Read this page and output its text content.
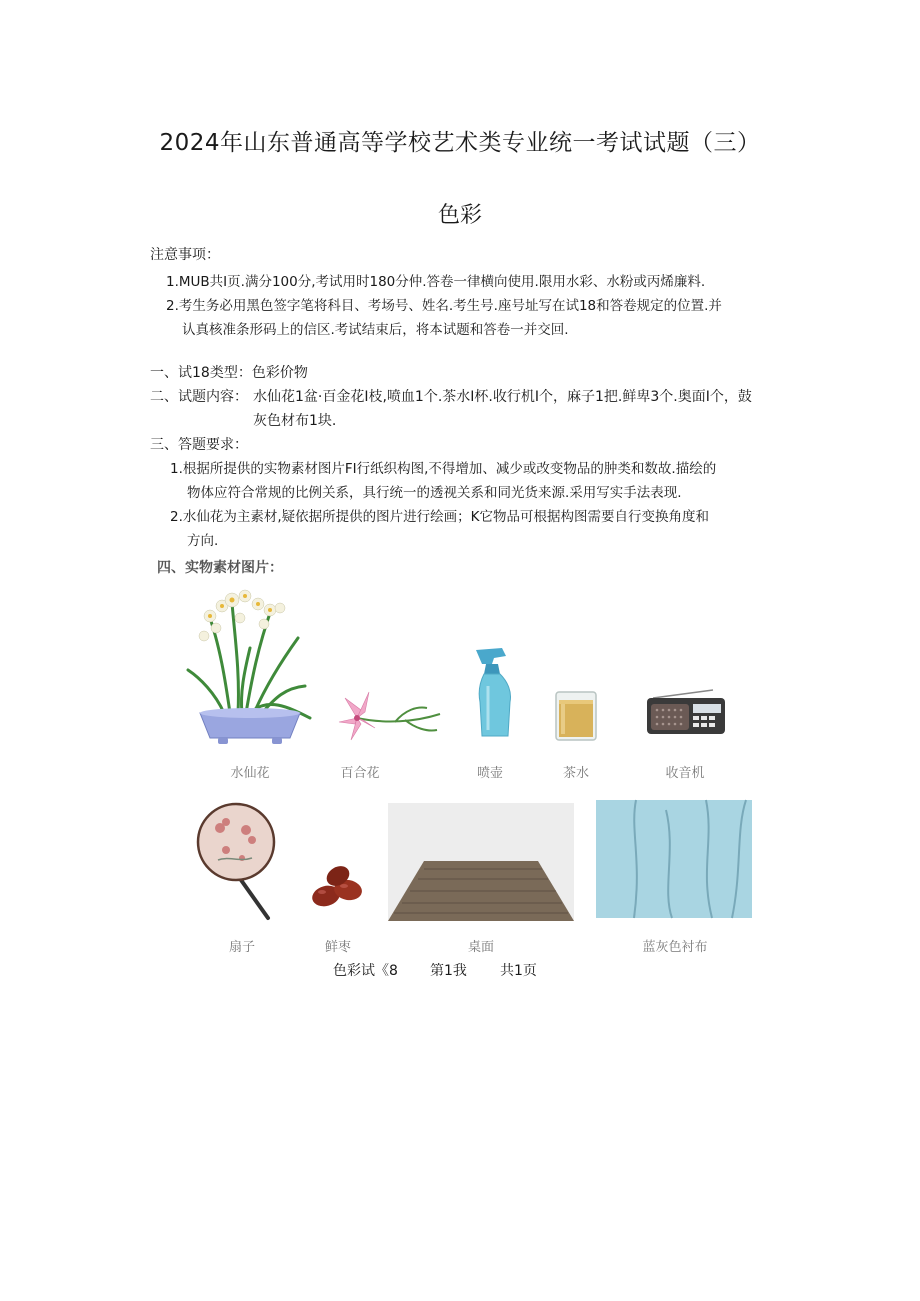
2024年山东普通高等学校艺术类专业统一考试试题（三）
色彩
注意事项：
1.MUB共I页.满分100分,考试用时180分仲.答卷一律横向使用.限用水彩、水粉或丙烯廉料.
2.考生务必用黑色签字笔将科目、考场号、姓名.考生号.座号址写在试18和答卷规定的位置.并
认真核准条形码上的信区.考试结束后，将本试题和答卷一并交回.
一、试18类型：色彩价物
二、试题内容： 水仙花1盆·百金花I枝,喷血1个.茶水I杯.收行机I个，麻子1把.鲜卑3个.奥面I个，鼓
灰色材布1块.
三、答题要求：
1.根据所提供的实物素材图片FI行纸织构图,不得增加、减少或改变物品的肿类和数故.描绘的
物体应符合常规的比例关系，具行统一的透视关系和同光货来源.采用写实手法表现.
2.水仙花为主素材,疑依据所提供的图片进行绘画；K它物品可根据构图需要自行变换角度和
方向.
四、实物素材图片：
水仙花	百合花	喷壶	茶水	收音机
扇子	鲜枣	桌面	蓝灰色衬布
色彩试《8 第1我 共1页
